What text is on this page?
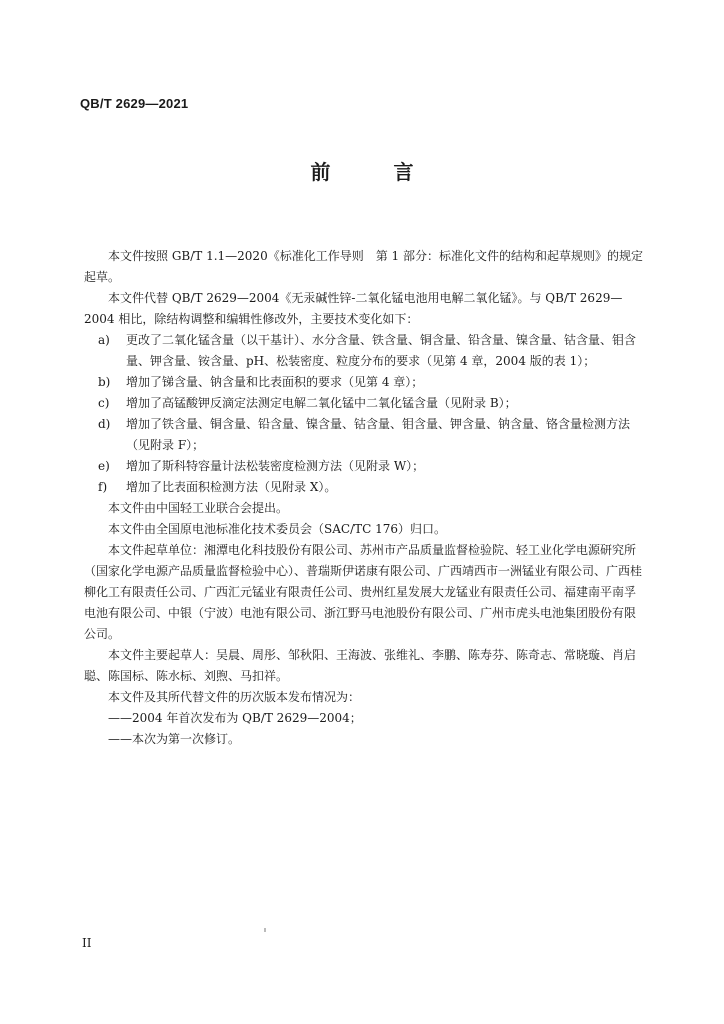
QB/T 2629—2021
前 言

本文件按照 GB/T 1.1—2020《标准化工作导则　第 1 部分：标准化文件的结构和起草规则》的规定起草。

本文件代替 QB/T 2629—2004《无汞碱性锌-二氧化锰电池用电解二氧化锰》。与 QB/T 2629—2004 相比，除结构调整和编辑性修改外，主要技术变化如下：

a)	更改了二氧化锰含量（以干基计）、水分含量、铁含量、铜含量、铅含量、镍含量、钴含量、钼含量、钾含量、铵含量、pH、松装密度、粒度分布的要求（见第 4 章，2004 版的表 1）；
b)	增加了锑含量、钠含量和比表面积的要求（见第 4 章）；
c)	增加了高锰酸钾反滴定法测定电解二氧化锰中二氧化锰含量（见附录 B）；
d)	增加了铁含量、铜含量、铅含量、镍含量、钴含量、钼含量、钾含量、钠含量、铬含量检测方法（见附录 F）；
e)	增加了斯科特容量计法松装密度检测方法（见附录 W）；
f)	增加了比表面积检测方法（见附录 X）。

本文件由中国轻工业联合会提出。

本文件由全国原电池标准化技术委员会（SAC/TC 176）归口。

本文件起草单位：湘潭电化科技股份有限公司、苏州市产品质量监督检验院、轻工业化学电源研究所（国家化学电源产品质量监督检验中心）、普瑞斯伊诺康有限公司、广西靖西市一洲锰业有限公司、广西桂柳化工有限责任公司、广西汇元锰业有限责任公司、贵州红星发展大龙锰业有限责任公司、福建南平南孚电池有限公司、中银（宁波）电池有限公司、浙江野马电池股份有限公司、广州市虎头电池集团股份有限公司。

本文件主要起草人：吴晨、周彤、邹秋阳、王海波、张维礼、李鹏、陈寿芬、陈奇志、常晓璇、肖启聪、陈国标、陈水标、刘煦、马扣祥。

本文件及其所代替文件的历次版本发布情况为：

——2004 年首次发布为 QB/T 2629—2004；

——本次为第一次修订。

II
